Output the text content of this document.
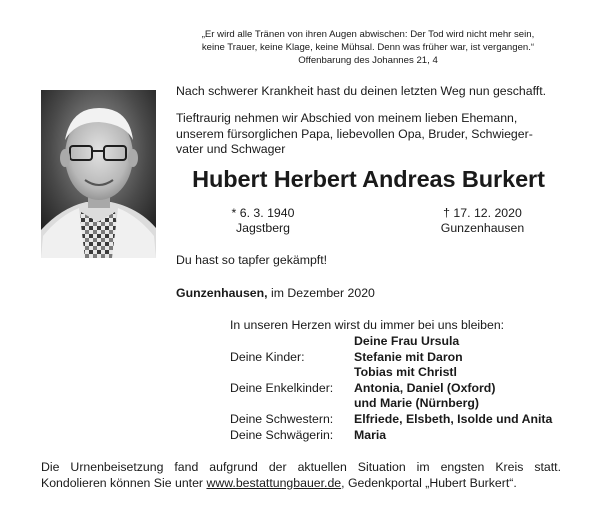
„Er wird alle Tränen von ihren Augen abwischen: Der Tod wird nicht mehr sein,
keine Trauer, keine Klage, keine Mühsal. Denn was früher war, ist vergangen.“
Offenbarung des Johannes 21, 4
Nach schwerer Krankheit hast du deinen letzten Weg nun geschafft.
Tieftraurig nehmen wir Abschied von meinem lieben Ehemann,
unserem fürsorglichen Papa, liebevollen Opa, Bruder, Schwieger-
vater und Schwager
Hubert Herbert Andreas Burkert
* 6. 3. 1940
Jagstberg
† 17. 12. 2020
Gunzenhausen
Du hast so tapfer gekämpft!
Gunzenhausen, im Dezember 2020
In unseren Herzen wirst du immer bei uns bleiben:
Deine Frau Ursula
Deine Kinder:	Stefanie mit Daron
Tobias mit Christl
Deine Enkelkinder: Antonia, Daniel (Oxford)
und Marie (Nürnberg)
Deine Schwestern: Elfriede, Elsbeth, Isolde und Anita
Deine Schwägerin: Maria
Die Urnenbeisetzung fand aufgrund der aktuellen Situation im engsten Kreis statt.
Kondolieren können Sie unter www.bestattungbauer.de, Gedenkportal „Hubert Burkert“.
